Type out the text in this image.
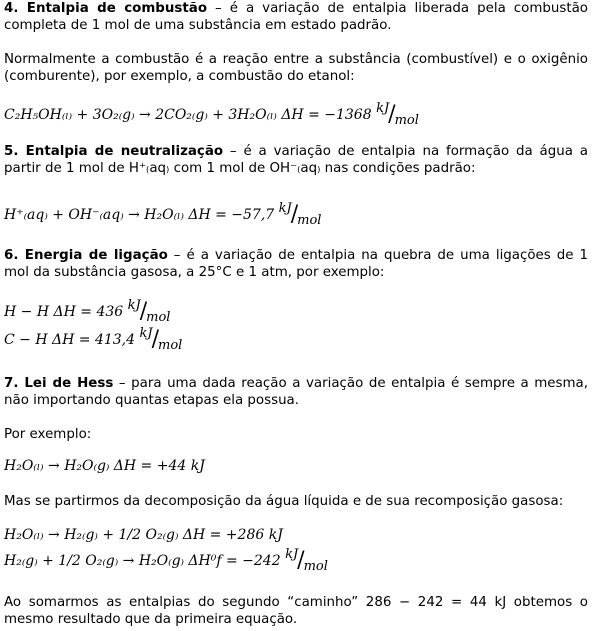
4. Entalpia de combustão – é a variação de entalpia liberada pela combustão completa de 1 mol de uma substância em estado padrão.

Normalmente a combustão é a reação entre a substância (combustível) e o oxigênio (comburente), por exemplo, a combustão do etanol:

C₂H₅OH₍ₗ₎ + 3O₂₍g₎ → 2CO₂₍g₎ + 3H₂O₍ₗ₎ ΔH = −1368 kJ/mol

5. Entalpia de neutralização – é a variação de entalpia na formação da água a partir de 1 mol de H⁺₍aq₎ com 1 mol de OH⁻₍aq₎ nas condições padrão:

H⁺₍aq₎ + OH⁻₍aq₎ → H₂O₍ₗ₎ ΔH = −57,7 kJ/mol

6. Energia de ligação – é a variação de entalpia na quebra de uma ligações de 1 mol da substância gasosa, a 25°C e 1 atm, por exemplo:

H − H ΔH = 436 kJ/mol
C − H ΔH = 413,4 kJ/mol

7. Lei de Hess – para uma dada reação a variação de entalpia é sempre a mesma, não importando quantas etapas ela possua.

Por exemplo:

H₂O₍ₗ₎ → H₂O₍g₎ ΔH = +44 kJ

Mas se partirmos da decomposição da água líquida e de sua recomposição gasosa:

H₂O₍ₗ₎ → H₂₍g₎ + 1/2 O₂₍g₎ ΔH = +286 kJ
H₂₍g₎ + 1/2 O₂₍g₎ → H₂O₍g₎ ΔH⁰f = −242 kJ/mol

Ao somarmos as entalpias do segundo “caminho” 286 − 242 = 44 kJ obtemos o mesmo resultado que da primeira equação.
